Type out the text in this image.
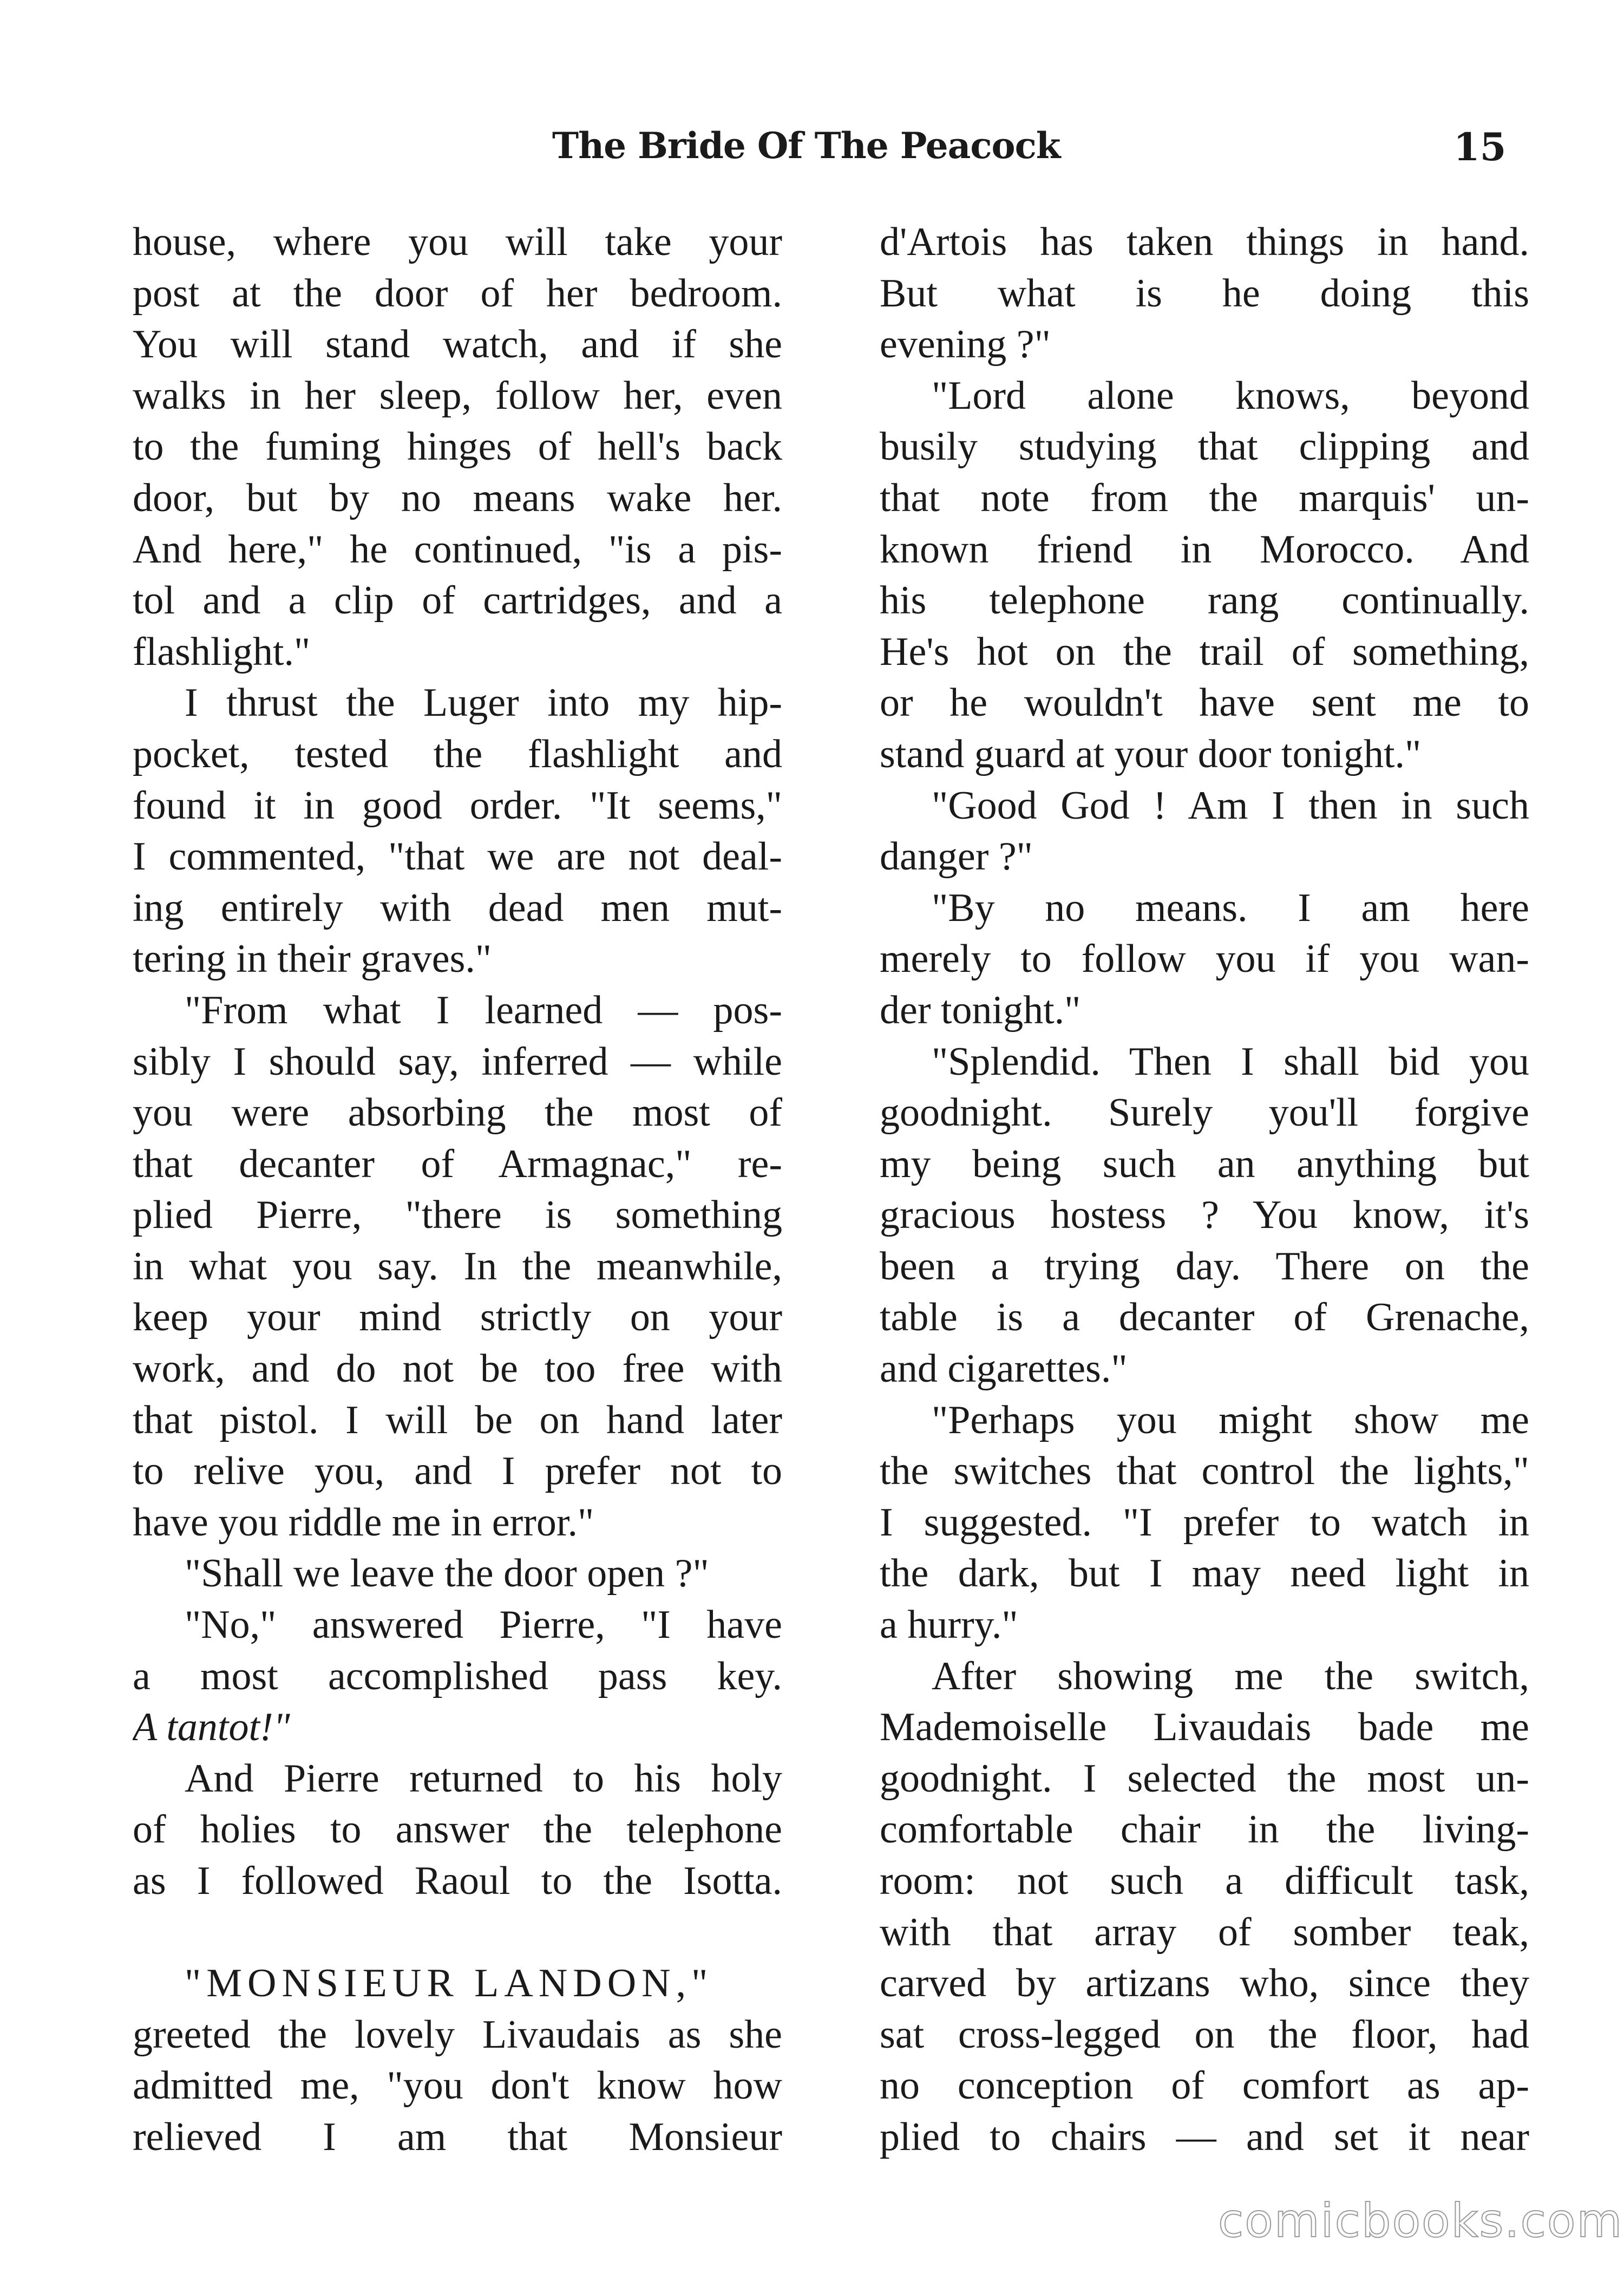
The Bride Of The Peacock	15
house, where you will take your
post at the door of her bedroom.
You will stand watch, and if she
walks in her sleep, follow her, even
to the fuming hinges of hell's back
door, but by no means wake her.
And here," he continued, "is a pis-
tol and a clip of cartridges, and a
flashlight."
I thrust the Luger into my hip-
pocket, tested the flashlight and
found it in good order. "It seems,"
I commented, "that we are not deal-
ing entirely with dead men mut-
tering in their graves."
"From what I learned — pos-
sibly I should say, inferred — while
you were absorbing the most of
that decanter of Armagnac," re-
plied Pierre, "there is something
in what you say. In the meanwhile,
keep your mind strictly on your
work, and do not be too free with
that pistol. I will be on hand later
to relive you, and I prefer not to
have you riddle me in error."
"Shall we leave the door open ?"
"No," answered Pierre, "I have
a most accomplished pass key.
A tantot!"
And Pierre returned to his holy
of holies to answer the telephone
as I followed Raoul to the Isotta.
"MONSIEUR LANDON,"
greeted the lovely Livaudais as she
admitted me, "you don't know how
relieved I am that Monsieur
d'Artois has taken things in hand.
But what is he doing this
evening ?"
"Lord alone knows, beyond
busily studying that clipping and
that note from the marquis' un-
known friend in Morocco. And
his telephone rang continually.
He's hot on the trail of something,
or he wouldn't have sent me to
stand guard at your door tonight."
"Good God ! Am I then in such
danger ?"
"By no means. I am here
merely to follow you if you wan-
der tonight."
"Splendid. Then I shall bid you
goodnight. Surely you'll forgive
my being such an anything but
gracious hostess ? You know, it's
been a trying day. There on the
table is a decanter of Grenache,
and cigarettes."
"Perhaps you might show me
the switches that control the lights,"
I suggested. "I prefer to watch in
the dark, but I may need light in
a hurry."
After showing me the switch,
Mademoiselle Livaudais bade me
goodnight. I selected the most un-
comfortable chair in the living-
room: not such a difficult task,
with that array of somber teak,
carved by artizans who, since they
sat cross-legged on the floor, had
no conception of comfort as ap-
plied to chairs — and set it near
comicbooks.com
